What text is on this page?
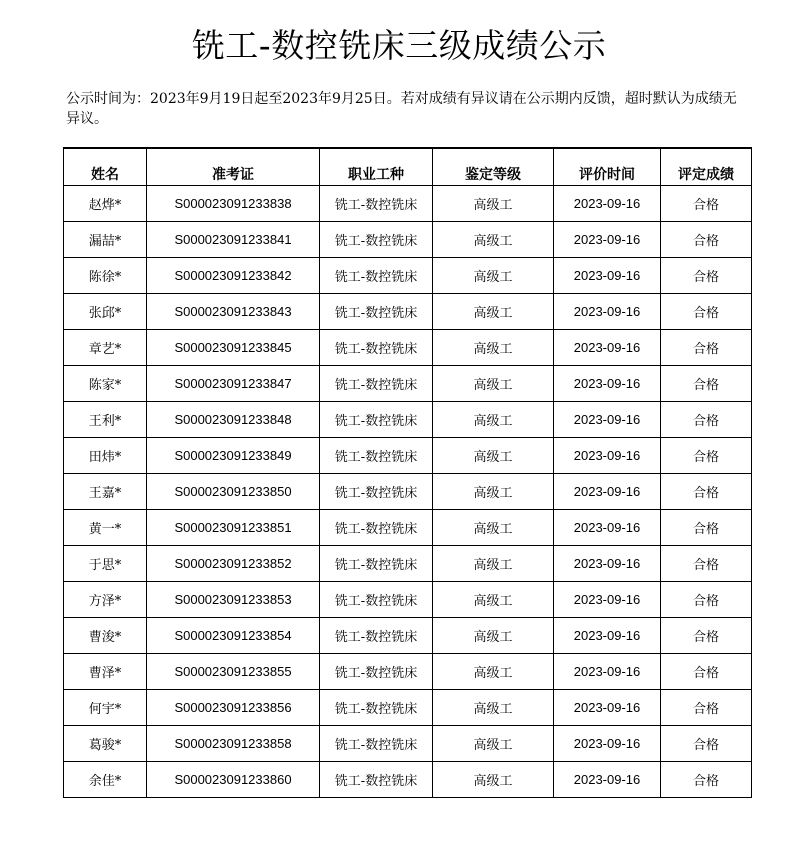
铣工-数控铣床三级成绩公示

公示时间为：2023年9月19日起至2023年9月25日。若对成绩有异议请在公示期内反馈，超时默认为成绩无异议。

姓名	准考证	职业工种	鉴定等级	评价时间	评定成绩
赵烨*	S000023091233838	铣工-数控铣床	高级工	2023-09-16	合格
漏喆*	S000023091233841	铣工-数控铣床	高级工	2023-09-16	合格
陈徐*	S000023091233842	铣工-数控铣床	高级工	2023-09-16	合格
张邱*	S000023091233843	铣工-数控铣床	高级工	2023-09-16	合格
章艺*	S000023091233845	铣工-数控铣床	高级工	2023-09-16	合格
陈家*	S000023091233847	铣工-数控铣床	高级工	2023-09-16	合格
王利*	S000023091233848	铣工-数控铣床	高级工	2023-09-16	合格
田炜*	S000023091233849	铣工-数控铣床	高级工	2023-09-16	合格
王嘉*	S000023091233850	铣工-数控铣床	高级工	2023-09-16	合格
黄一*	S000023091233851	铣工-数控铣床	高级工	2023-09-16	合格
于思*	S000023091233852	铣工-数控铣床	高级工	2023-09-16	合格
方泽*	S000023091233853	铣工-数控铣床	高级工	2023-09-16	合格
曹浚*	S000023091233854	铣工-数控铣床	高级工	2023-09-16	合格
曹泽*	S000023091233855	铣工-数控铣床	高级工	2023-09-16	合格
何宇*	S000023091233856	铣工-数控铣床	高级工	2023-09-16	合格
葛骏*	S000023091233858	铣工-数控铣床	高级工	2023-09-16	合格
余佳*	S000023091233860	铣工-数控铣床	高级工	2023-09-16	合格
